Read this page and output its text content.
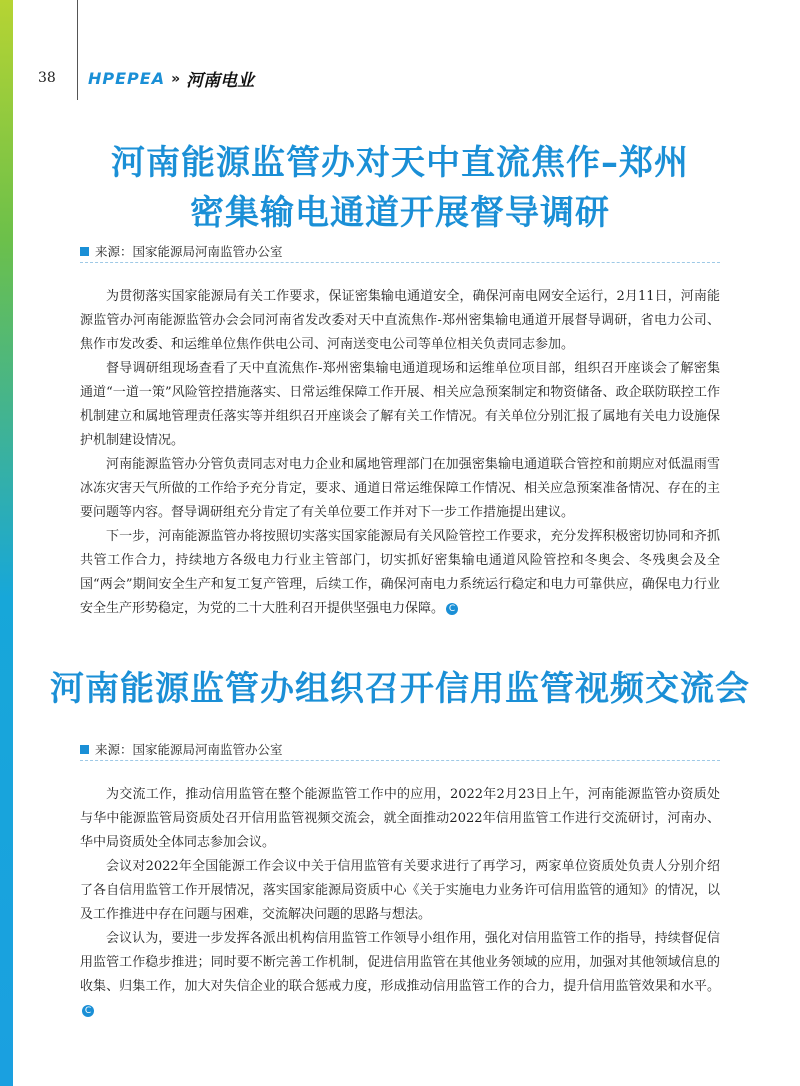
38 HPEPEA » 河南电业
河南能源监管办对天中直流焦作–郑州
密集输电通道开展督导调研
来源：国家能源局河南监管办公室

为贯彻落实国家能源局有关工作要求，保证密集输电通道安全，确保河南电网安全运行，2月11日，河南能源监管办河南能源监管办会会同河南省发改委对天中直流焦作-郑州密集输电通道开展督导调研，省电力公司、焦作市发改委、和运维单位焦作供电公司、河南送变电公司等单位相关负责同志参加。

督导调研组现场查看了天中直流焦作-郑州密集输电通道现场和运维单位项目部，组织召开座谈会了解密集通道“一道一策”风险管控措施落实、日常运维保障工作开展、相关应急预案制定和物资储备、政企联防联控工作机制建立和属地管理责任落实等并组织召开座谈会了解有关工作情况。有关单位分别汇报了属地有关电力设施保护机制建设情况。

河南能源监管办分管负责同志对电力企业和属地管理部门在加强密集输电通道联合管控和前期应对低温雨雪冰冻灾害天气所做的工作给予充分肯定，要求、通道日常运维保障工作情况、相关应急预案准备情况、存在的主要问题等内容。督导调研组充分肯定了有关单位要工作并对下一步工作措施提出建议。

下一步，河南能源监管办将按照切实落实国家能源局有关风险管控工作要求，充分发挥积极密切协同和齐抓共管工作合力，持续地方各级电力行业主管部门，切实抓好密集输电通道风险管控和冬奥会、冬残奥会及全国“两会”期间安全生产和复工复产管理，后续工作，确保河南电力系统运行稳定和电力可靠供应，确保电力行业安全生产形势稳定，为党的二十大胜利召开提供坚强电力保障。 C

河南能源监管办组织召开信用监管视频交流会
来源：国家能源局河南监管办公室

为交流工作，推动信用监管在整个能源监管工作中的应用，2022年2月23日上午，河南能源监管办资质处与华中能源监管局资质处召开信用监管视频交流会，就全面推动2022年信用监管工作进行交流研讨，河南办、华中局资质处全体同志参加会议。

会议对2022年全国能源工作会议中关于信用监管有关要求进行了再学习，两家单位资质处负责人分别介绍了各自信用监管工作开展情况，落实国家能源局资质中心《关于实施电力业务许可信用监管的通知》的情况，以及工作推进中存在问题与困难，交流解决问题的思路与想法。

会议认为，要进一步发挥各派出机构信用监管工作领导小组作用，强化对信用监管工作的指导，持续督促信用监管工作稳步推进；同时要不断完善工作机制，促进信用监管在其他业务领域的应用，加强对其他领域信息的收集、归集工作，加大对失信企业的联合惩戒力度，形成推动信用监管工作的合力，提升信用监管效果和水平。C
